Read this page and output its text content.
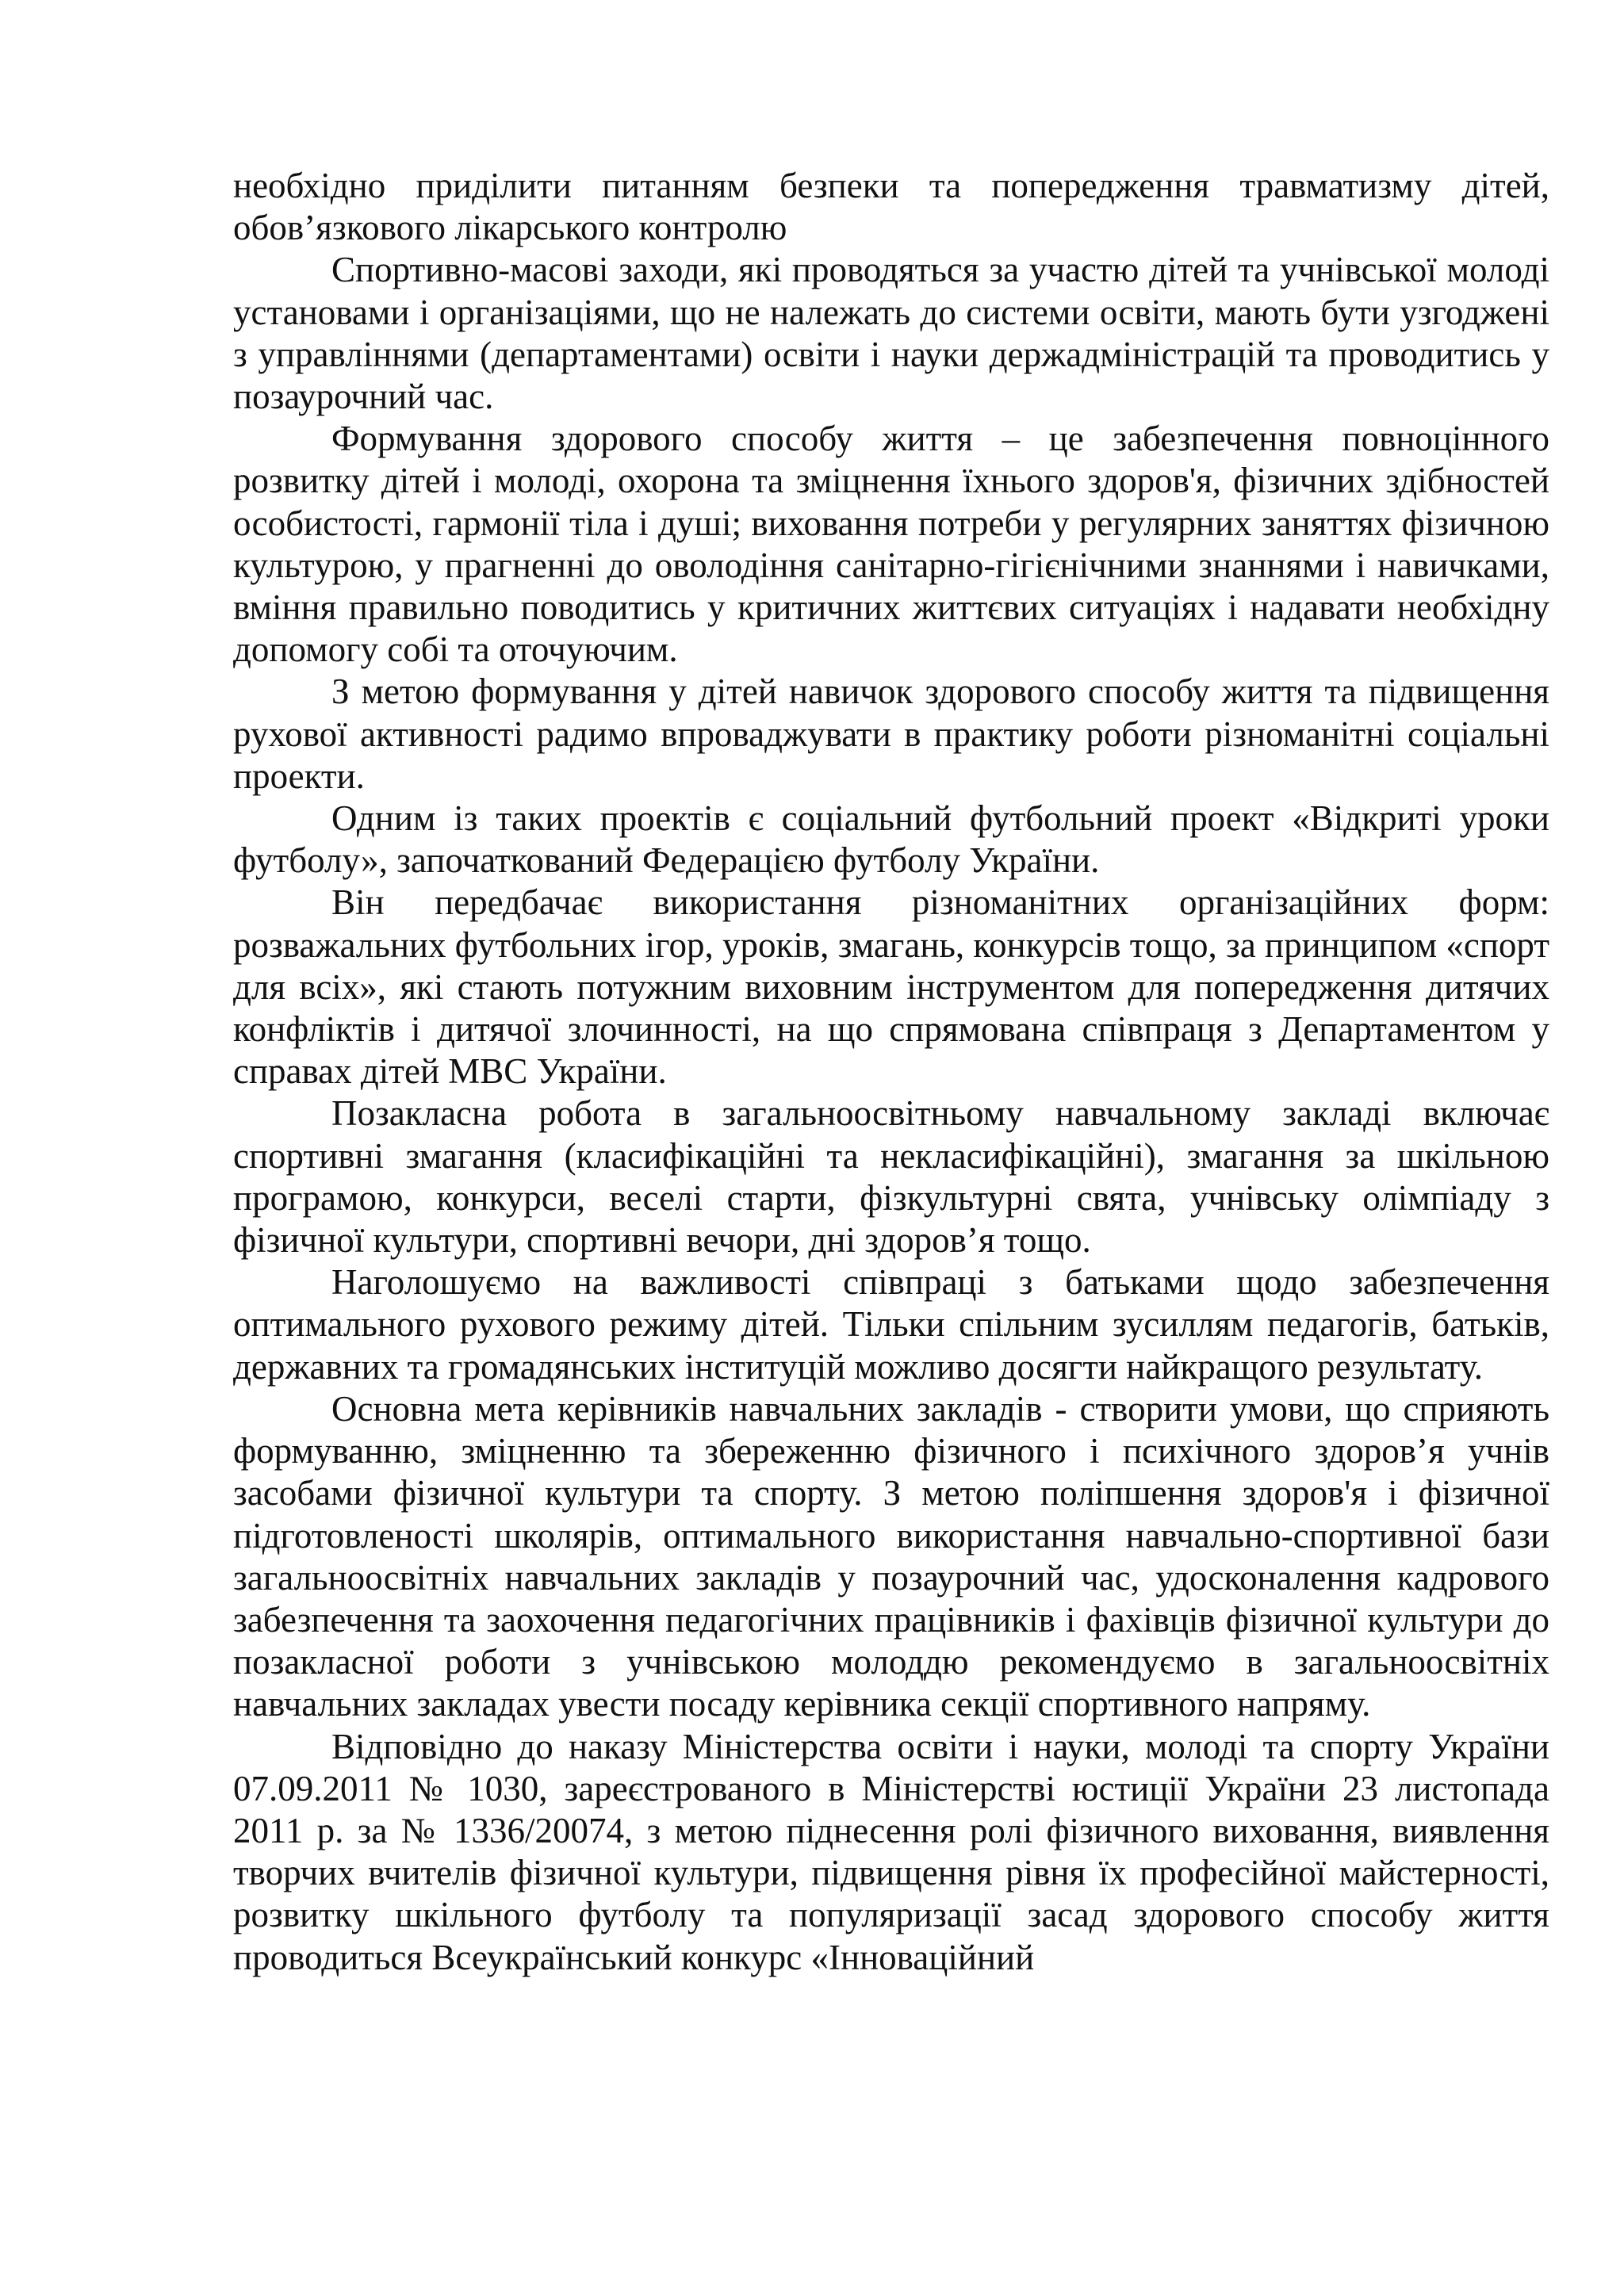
необхідно приділити питанням безпеки та попередження травматизму дітей, обов’язкового лікарського контролю

Спортивно-масові заходи, які проводяться за участю дітей та учнівської молоді установами і організаціями, що не належать до системи освіти, мають бути узгоджені з управліннями (департаментами) освіти і науки держадміністрацій та проводитись у позаурочний час.

Формування здорового способу життя – це забезпечення повноцінного розвитку дітей і молоді, охорона та зміцнення їхнього здоров'я, фізичних здібностей особистості, гармонії тіла і душі; виховання потреби у регулярних заняттях фізичною культурою, у прагненні до оволодіння санітарно-гігієнічними знаннями і навичками, вміння правильно поводитись у критичних життєвих ситуаціях і надавати необхідну допомогу собі та оточуючим.

З метою формування у дітей навичок здорового способу життя та підвищення рухової активності радимо впроваджувати в практику роботи різноманітні соціальні проекти.

Одним із таких проектів є соціальний футбольний проект «Відкриті уроки футболу», започаткований Федерацією футболу України.

Він передбачає використання різноманітних організаційних форм: розважальних футбольних ігор, уроків, змагань, конкурсів тощо, за принципом «спорт для всіх», які стають потужним виховним інструментом для попередження дитячих конфліктів і дитячої злочинності, на що спрямована співпраця з Департаментом у справах дітей МВС України.

Позакласна робота в загальноосвітньому навчальному закладі включає спортивні змагання (класифікаційні та некласифікаційні), змагання за шкільною програмою, конкурси, веселі старти, фізкультурні свята, учнівську олімпіаду з фізичної культури, спортивні вечори, дні здоров’я тощо.

Наголошуємо на важливості співпраці з батьками щодо забезпечення оптимального рухового режиму дітей. Тільки спільним зусиллям педагогів, батьків, державних та громадянських інституцій можливо досягти найкращого результату.

Основна мета керівників навчальних закладів - створити умови, що сприяють формуванню, зміцненню та збереженню фізичного і психічного здоров’я учнів засобами фізичної культури та спорту. З метою поліпшення здоров'я і фізичної підготовленості школярів, оптимального використання навчально-спортивної бази загальноосвітніх навчальних закладів у позаурочний час, удосконалення кадрового забезпечення та заохочення педагогічних працівників і фахівців фізичної культури до позакласної роботи з учнівською молоддю рекомендуємо в загальноосвітніх навчальних закладах увести посаду керівника секції спортивного напряму.

Відповідно до наказу Міністерства освіти і науки, молоді та спорту України 07.09.2011 № 1030, зареєстрованого в Міністерстві юстиції України 23 листопада 2011 р. за № 1336/20074, з метою піднесення ролі фізичного виховання, виявлення творчих вчителів фізичної культури, підвищення рівня їх професійної майстерності, розвитку шкільного футболу та популяризації засад здорового способу життя проводиться Всеукраїнський конкурс «Інноваційний
